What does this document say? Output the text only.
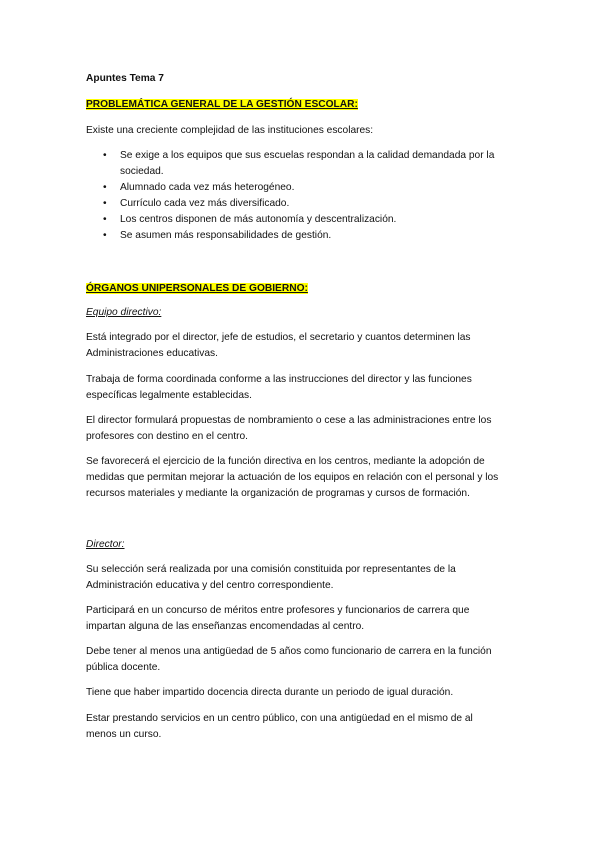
Apuntes Tema 7
PROBLEMÁTICA GENERAL DE LA GESTIÓN ESCOLAR:
Existe una creciente complejidad de las instituciones escolares:
• Se exige a los equipos que sus escuelas respondan a la calidad demandada por la sociedad.
• Alumnado cada vez más heterogéneo.
• Currículo cada vez más diversificado.
• Los centros disponen de más autonomía y descentralización.
• Se asumen más responsabilidades de gestión.
ÓRGANOS UNIPERSONALES DE GOBIERNO:
Equipo directivo:
Está integrado por el director, jefe de estudios, el secretario y cuantos determinen las Administraciones educativas.
Trabaja de forma coordinada conforme a las instrucciones del director y las funciones específicas legalmente establecidas.
El director formulará propuestas de nombramiento o cese a las administraciones entre los profesores con destino en el centro.
Se favorecerá el ejercicio de la función directiva en los centros, mediante la adopción de medidas que permitan mejorar la actuación de los equipos en relación con el personal y los recursos materiales y mediante la organización de programas y cursos de formación.
Director:
Su selección será realizada por una comisión constituida por representantes de la Administración educativa y del centro correspondiente.
Participará en un concurso de méritos entre profesores y funcionarios de carrera que impartan alguna de las enseñanzas encomendadas al centro.
Debe tener al menos una antigüedad de 5 años como funcionario de carrera en la función pública docente.
Tiene que haber impartido docencia directa durante un periodo de igual duración.
Estar prestando servicios en un centro público, con una antigüedad en el mismo de al menos un curso.
